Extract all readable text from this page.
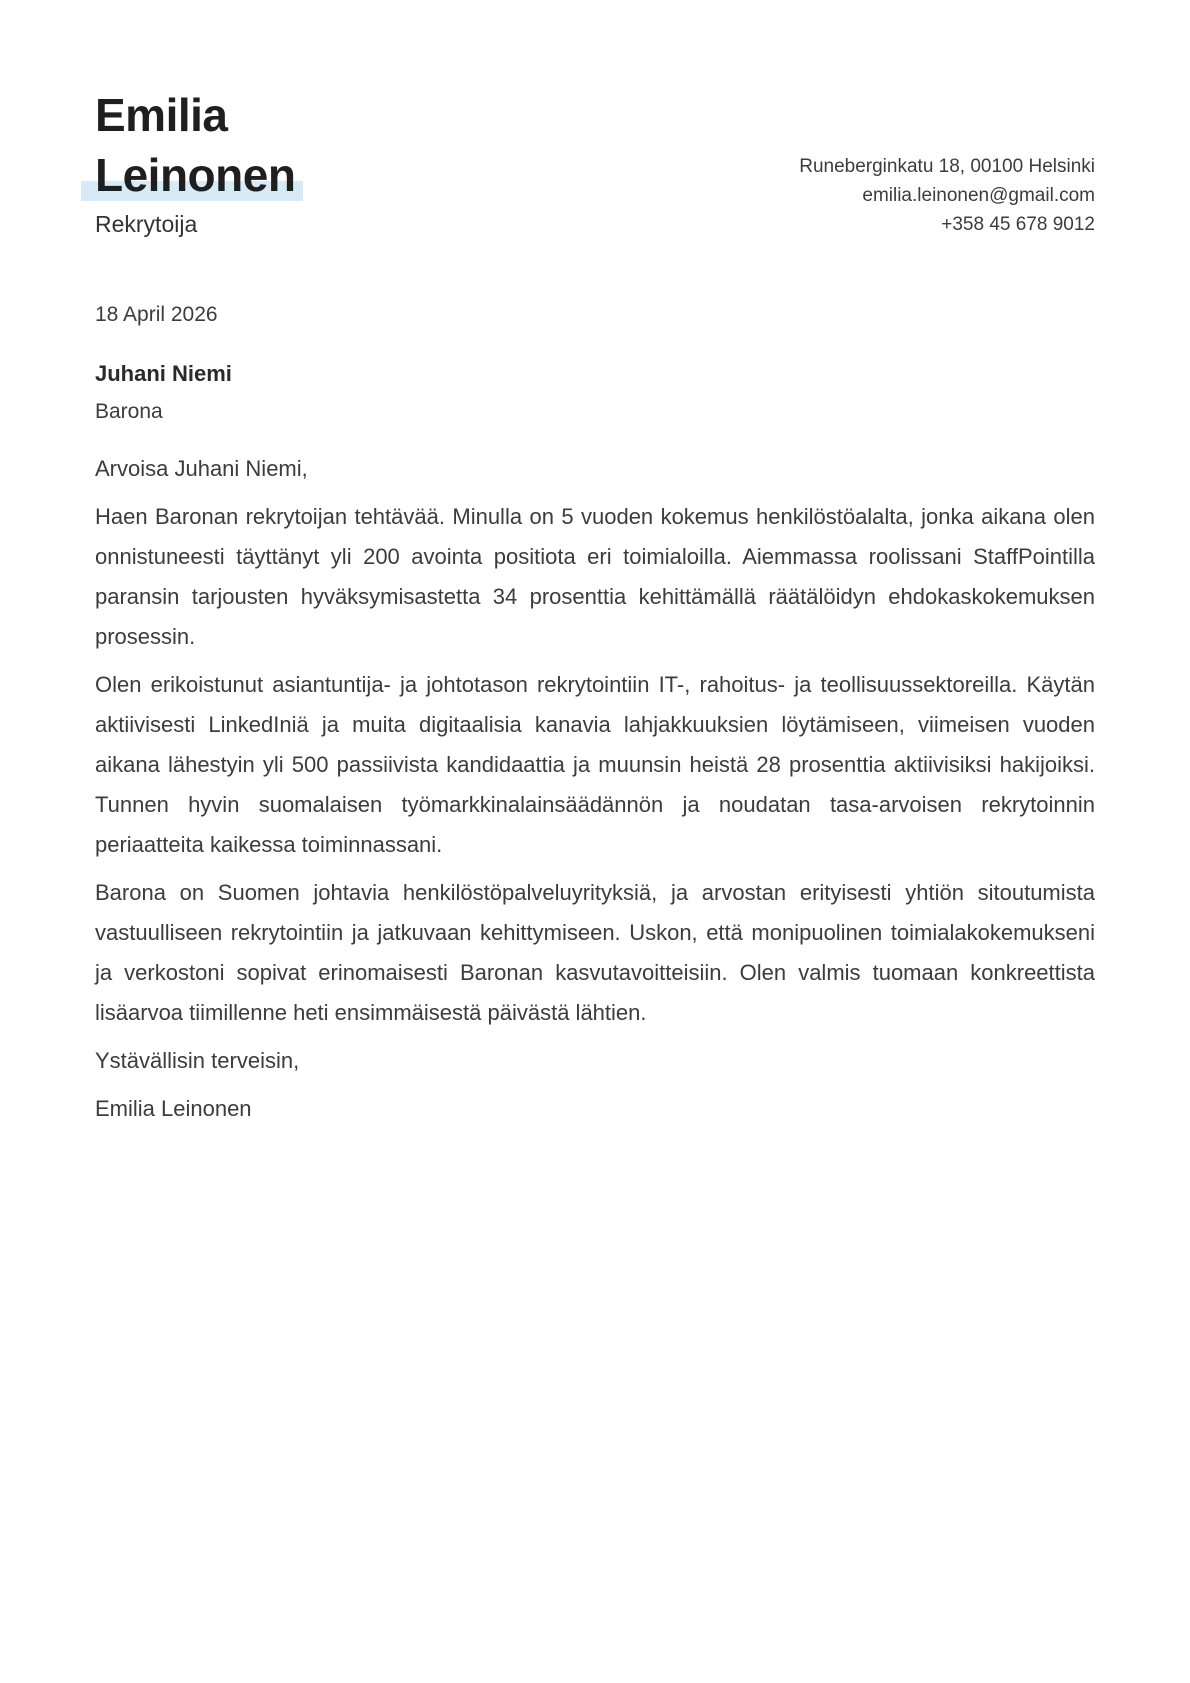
Emilia
Leinonen
Rekrytoija
Runeberginkatu 18, 00100 Helsinki
emilia.leinonen@gmail.com
+358 45 678 9012
18 April 2026
Juhani Niemi
Barona

Arvoisa Juhani Niemi,

Haen Baronan rekrytoijan tehtävää. Minulla on 5 vuoden kokemus henkilöstöalalta, jonka aikana olen onnistuneesti täyttänyt yli 200 avointa positiota eri toimialoilla. Aiemmassa roolissani StaffPointilla paransin tarjousten hyväksymisastetta 34 prosenttia kehittämällä räätälöidyn ehdokaskokemuksen prosessin.

Olen erikoistunut asiantuntija- ja johtotason rekrytointiin IT-, rahoitus- ja teollisuussektoreilla. Käytän aktiivisesti LinkedIniä ja muita digitaalisia kanavia lahjakkuuksien löytämiseen, viimeisen vuoden aikana lähestyin yli 500 passiivista kandidaattia ja muunsin heistä 28 prosenttia aktiivisiksi hakijoiksi. Tunnen hyvin suomalaisen työmarkkinalainsäädännön ja noudatan tasa-arvoisen rekrytoinnin periaatteita kaikessa toiminnassani.

Barona on Suomen johtavia henkilöstöpalveluyrityksiä, ja arvostan erityisesti yhtiön sitoutumista vastuulliseen rekrytointiin ja jatkuvaan kehittymiseen. Uskon, että monipuolinen toimialakokemukseni ja verkostoni sopivat erinomaisesti Baronan kasvutavoitteisiin. Olen valmis tuomaan konkreettista lisäarvoa tiimillenne heti ensimmäisestä päivästä lähtien.

Ystävällisin terveisin,

Emilia Leinonen
